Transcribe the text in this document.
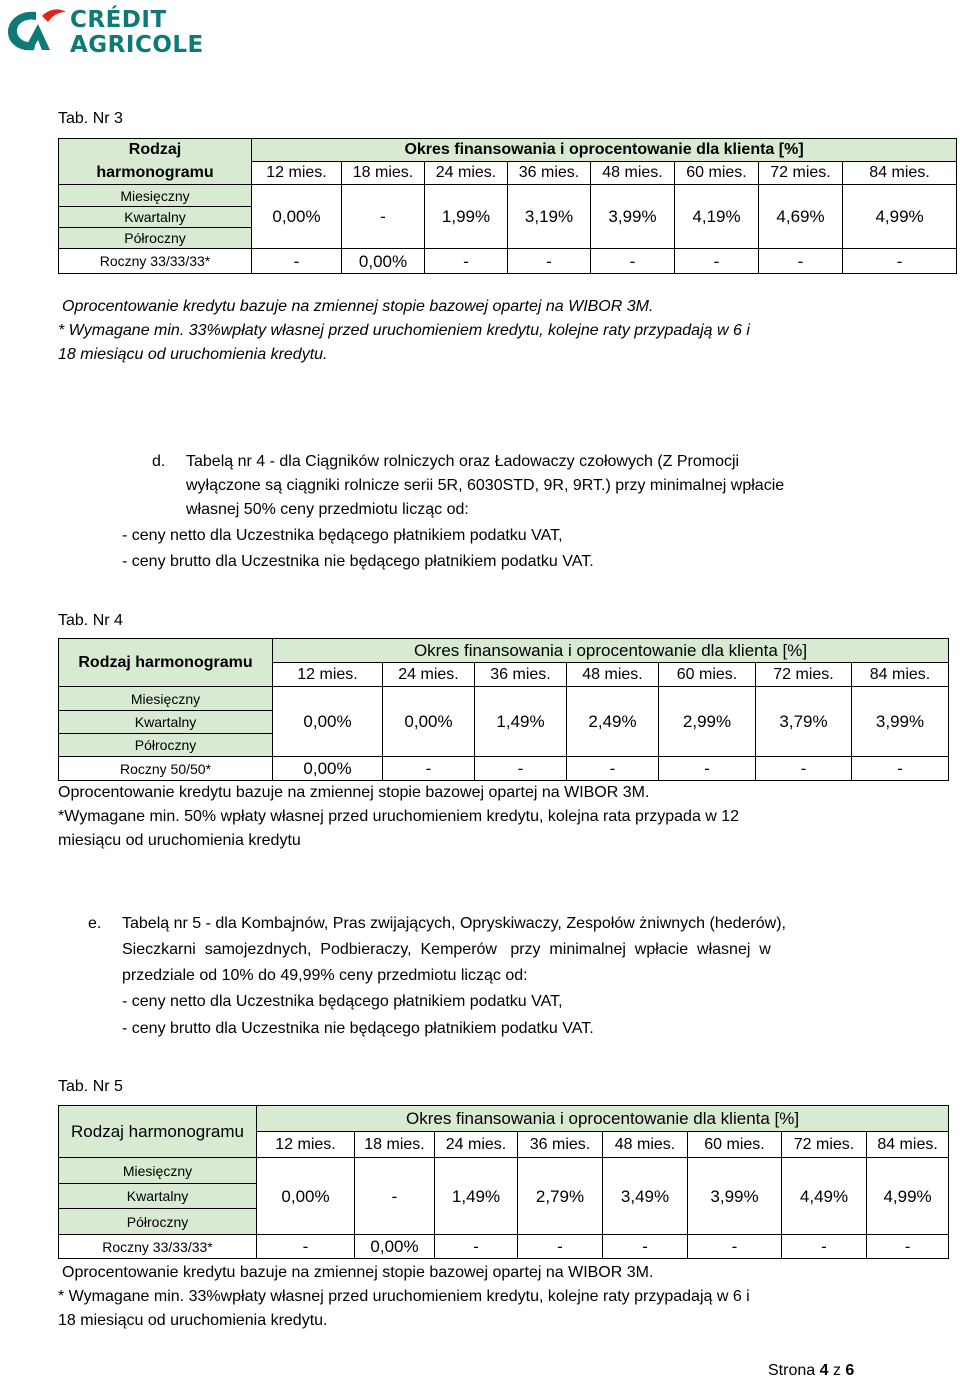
CRÉDIT
AGRICOLE
Tab. Nr 3
Rodzaj	Okres finansowania i oprocentowanie dla klienta [%]							
harmonogramu	12 mies.	18 mies.	24 mies.	36 mies.	48 mies.	60 mies.	72 mies.	84 mies.
Miesięczny	0,00%	-	1,99%	3,19%	3,99%	4,19%	4,69%	4,99%
Kwartalny								
Półroczny								
Roczny 33/33/33*	-	0,00%	-	-	-	-	-	-
Oprocentowanie kredytu bazuje na zmiennej stopie bazowej opartej na WIBOR 3M.
* Wymagane min. 33%wpłaty własnej przed uruchomieniem kredytu, kolejne raty przypadają w 6 i
18 miesiącu od uruchomienia kredytu.
d. Tabelą nr 4 - dla Ciągników rolniczych oraz Ładowaczy czołowych (Z Promocji
wyłączone są ciągniki rolnicze serii 5R, 6030STD, 9R, 9RT.) przy minimalnej wpłacie
własnej 50% ceny przedmiotu licząc od:
- ceny netto dla Uczestnika będącego płatnikiem podatku VAT,
- ceny brutto dla Uczestnika nie będącego płatnikiem podatku VAT.
Tab. Nr 4
Rodzaj harmonogramu	Okres finansowania i oprocentowanie dla klienta [%]						
	12 mies.	24 mies.	36 mies.	48 mies.	60 mies.	72 mies.	84 mies.
Miesięczny	0,00%	0,00%	1,49%	2,49%	2,99%	3,79%	3,99%
Kwartalny							
Półroczny							
Roczny 50/50*	0,00%	-	-	-	-	-	-
Oprocentowanie kredytu bazuje na zmiennej stopie bazowej opartej na WIBOR 3M.
*Wymagane min. 50% wpłaty własnej przed uruchomieniem kredytu, kolejna rata przypada w 12
miesiącu od uruchomienia kredytu
e. Tabelą nr 5 - dla Kombajnów, Pras zwijających, Opryskiwaczy, Zespołów żniwnych (hederów),
Sieczkarni  samojezdnych,  Podbieraczy,  Kemperów   przy  minimalnej  wpłacie  własnej  w
przedziale od 10% do 49,99% ceny przedmiotu licząc od:
- ceny netto dla Uczestnika będącego płatnikiem podatku VAT,
- ceny brutto dla Uczestnika nie będącego płatnikiem podatku VAT.
Tab. Nr 5
Rodzaj harmonogramu	Okres finansowania i oprocentowanie dla klienta [%]							
	12 mies.	18 mies.	24 mies.	36 mies.	48 mies.	60 mies.	72 mies.	84 mies.
Miesięczny	0,00%	-	1,49%	2,79%	3,49%	3,99%	4,49%	4,99%
Kwartalny								
Półroczny								
Roczny 33/33/33*	-	0,00%	-	-	-	-	-	-
Oprocentowanie kredytu bazuje na zmiennej stopie bazowej opartej na WIBOR 3M.
* Wymagane min. 33%wpłaty własnej przed uruchomieniem kredytu, kolejne raty przypadają w 6 i
18 miesiącu od uruchomienia kredytu.
Strona 4 z 6
